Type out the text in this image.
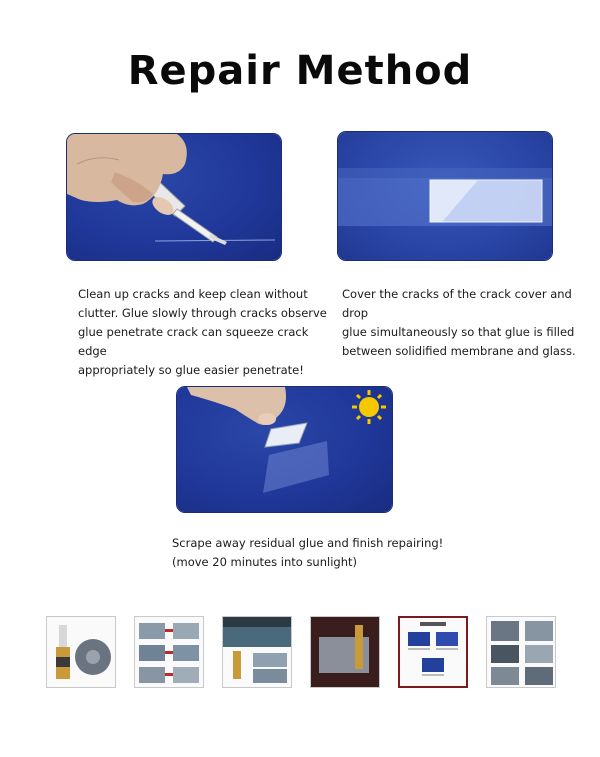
Repair Method
Clean up cracks and keep clean without
clutter. Glue slowly through cracks observe
glue penetrate crack can squeeze crack edge
appropriately so glue easier penetrate!
Cover the cracks of the crack cover and drop
glue simultaneously so that glue is filled
between solidified membrane and glass.
Scrape away residual glue and finish repairing!
(move 20 minutes into sunlight)
